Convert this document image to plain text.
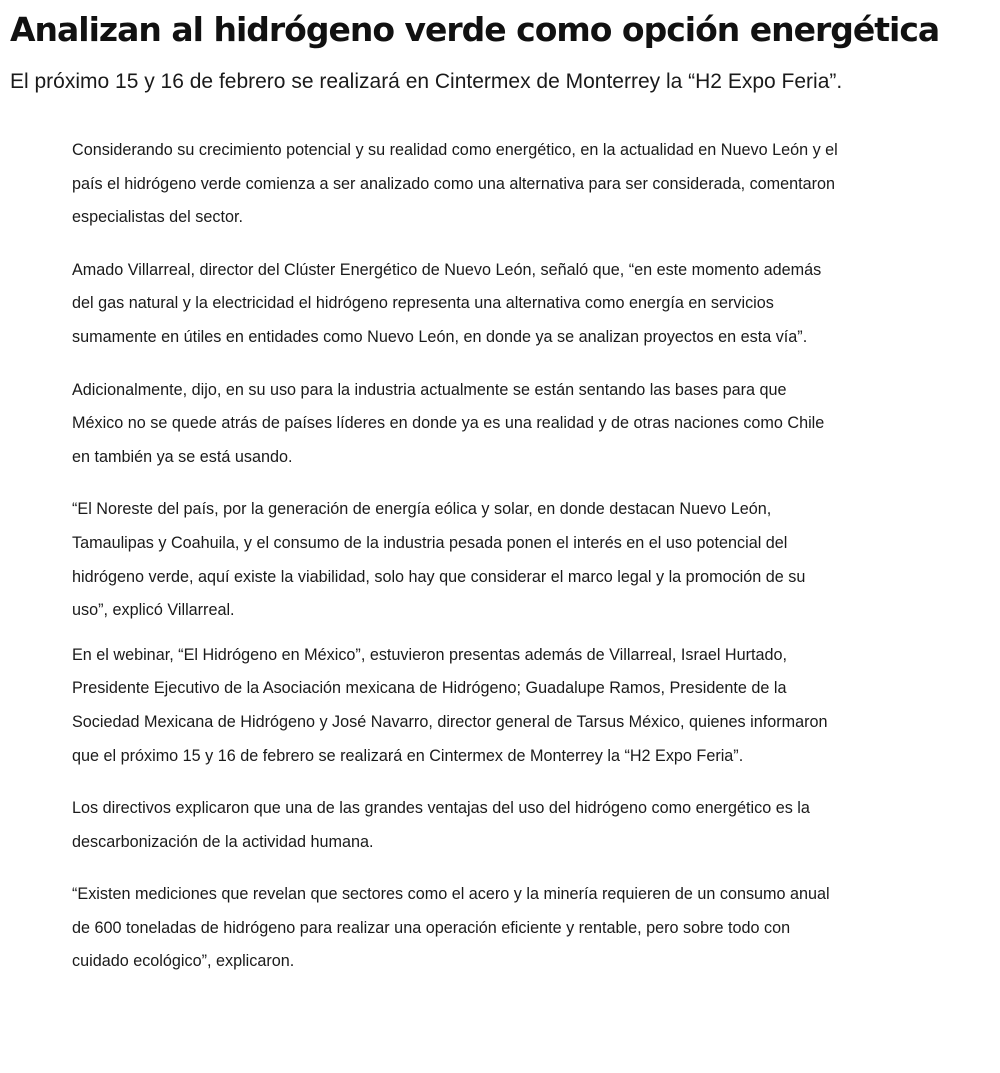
Analizan al hidrógeno verde como opción energética
El próximo 15 y 16 de febrero se realizará en Cintermex de Monterrey la “H2 Expo Feria”.

Considerando su crecimiento potencial y su realidad como energético, en la actualidad en Nuevo León y el país el hidrógeno verde comienza a ser analizado como una alternativa para ser considerada, comentaron especialistas del sector.

Amado Villarreal, director del Clúster Energético de Nuevo León, señaló que, “en este momento además del gas natural y la electricidad el hidrógeno representa una alternativa como energía en servicios sumamente en útiles en entidades como Nuevo León, en donde ya se analizan proyectos en esta vía”.

Adicionalmente, dijo, en su uso para la industria actualmente se están sentando las bases para que México no se quede atrás de países líderes en donde ya es una realidad y de otras naciones como Chile en también ya se está usando.

“El Noreste del país, por la generación de energía eólica y solar, en donde destacan Nuevo León, Tamaulipas y Coahuila, y el consumo de la industria pesada ponen el interés en el uso potencial del hidrógeno verde, aquí existe la viabilidad, solo hay que considerar el marco legal y la promoción de su uso”, explicó Villarreal.

En el webinar, “El Hidrógeno en México”, estuvieron presentas además de Villarreal, Israel Hurtado, Presidente Ejecutivo de la Asociación mexicana de Hidrógeno; Guadalupe Ramos, Presidente de la Sociedad Mexicana de Hidrógeno y José Navarro, director general de Tarsus México, quienes informaron que el próximo 15 y 16 de febrero se realizará en Cintermex de Monterrey la “H2 Expo Feria”.

Los directivos explicaron que una de las grandes ventajas del uso del hidrógeno como energético es la descarbonización de la actividad humana.

“Existen mediciones que revelan que sectores como el acero y la minería requieren de un consumo anual de 600 toneladas de hidrógeno para realizar una operación eficiente y rentable, pero sobre todo con cuidado ecológico”, explicaron.
